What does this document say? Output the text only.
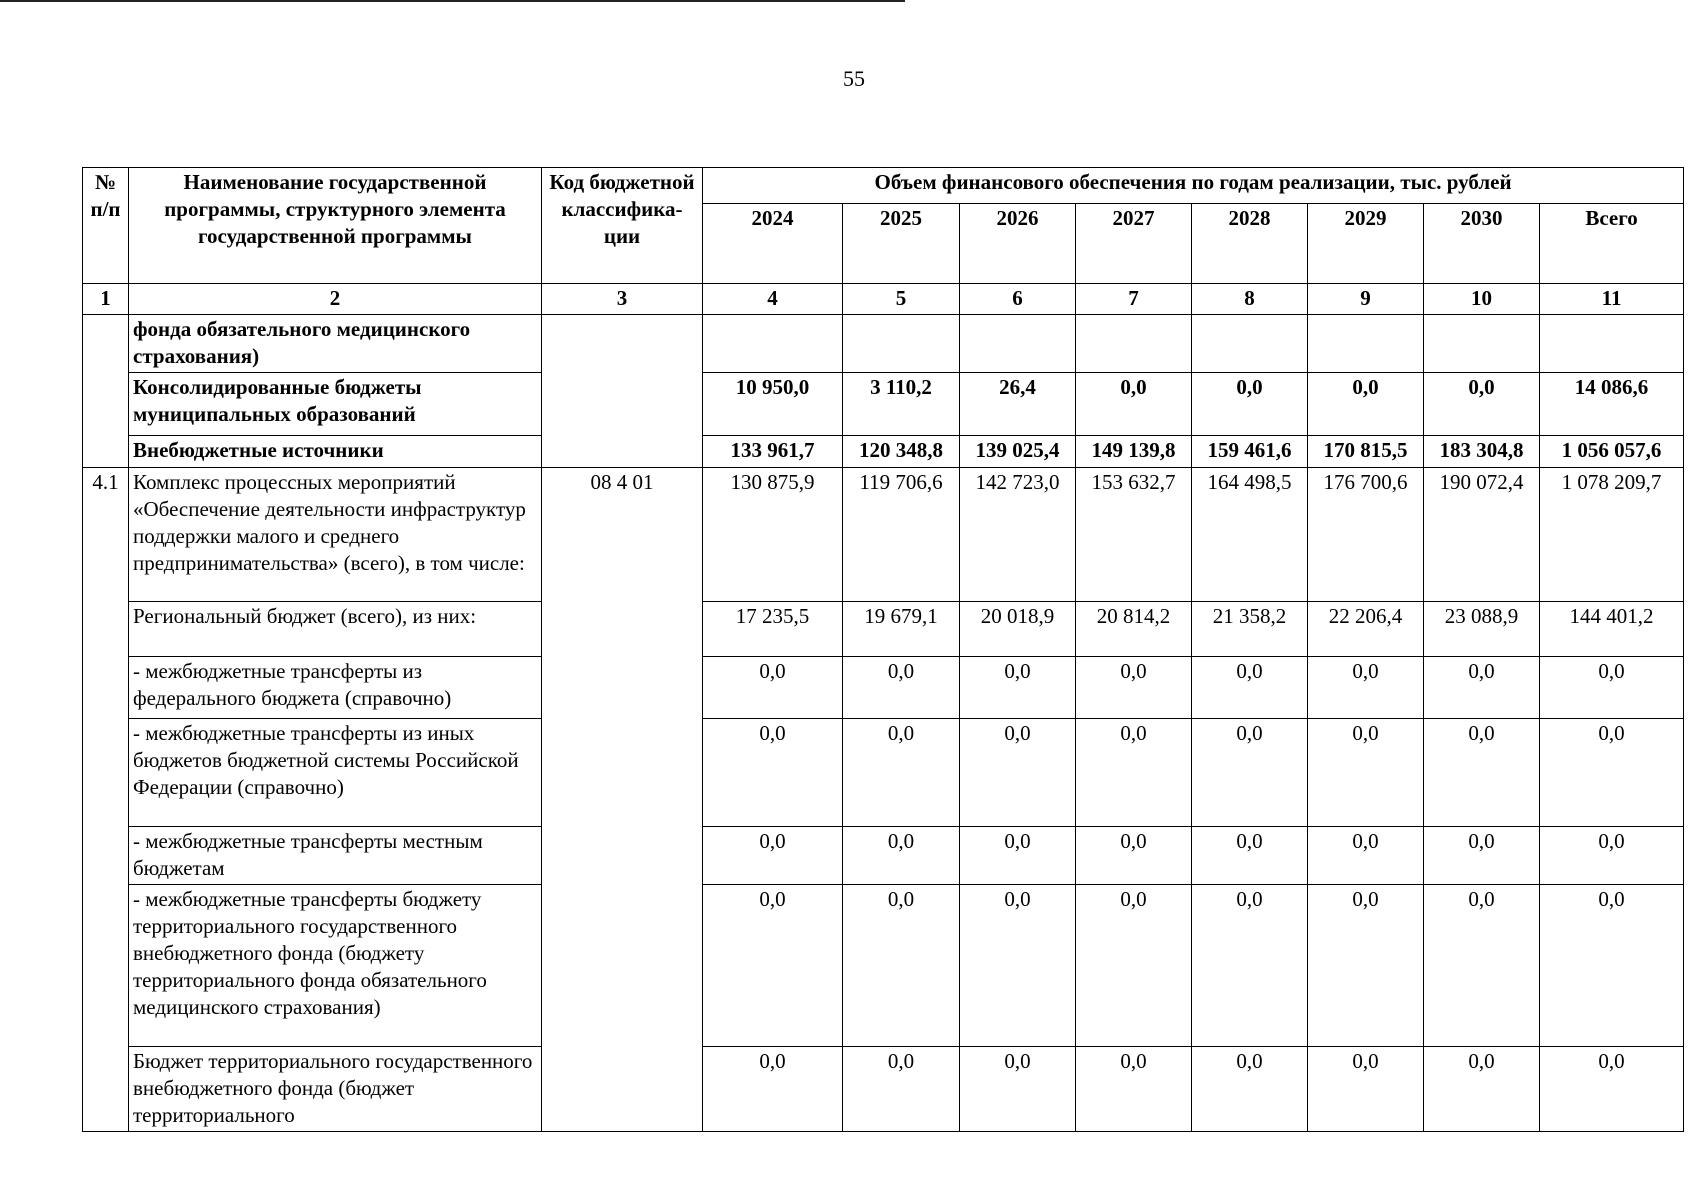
55
№ п/п	Наименование государственной программы, структурного элемента государственной программы	Код бюджетной классифика-ции	Объем финансового обеспечения по годам реализации, тыс. рублей							
			2024	2025	2026	2027	2028	2029	2030	Всего
1	2	3	4	5	6	7	8	9	10	11
	фонда обязательного медицинского страхования)									
	Консолидированные бюджеты муниципальных образований		10 950,0	3 110,2	26,4	0,0	0,0	0,0	0,0	14 086,6
	Внебюджетные источники		133 961,7	120 348,8	139 025,4	149 139,8	159 461,6	170 815,5	183 304,8	1 056 057,6
4.1	Комплекс процессных мероприятий «Обеспечение деятельности инфраструктур поддержки малого и среднего предпринимательства» (всего), в том числе:	08 4 01	130 875,9	119 706,6	142 723,0	153 632,7	164 498,5	176 700,6	190 072,4	1 078 209,7
	Региональный бюджет (всего), из них:		17 235,5	19 679,1	20 018,9	20 814,2	21 358,2	22 206,4	23 088,9	144 401,2
	- межбюджетные трансферты из федерального бюджета (справочно)		0,0	0,0	0,0	0,0	0,0	0,0	0,0	0,0
	- межбюджетные трансферты из иных бюджетов бюджетной системы Российской Федерации (справочно)		0,0	0,0	0,0	0,0	0,0	0,0	0,0	0,0
	- межбюджетные трансферты местным бюджетам		0,0	0,0	0,0	0,0	0,0	0,0	0,0	0,0
	- межбюджетные трансферты бюджету территориального государственного внебюджетного фонда (бюджету территориального фонда обязательного медицинского страхования)		0,0	0,0	0,0	0,0	0,0	0,0	0,0	0,0
	Бюджет территориального государственного внебюджетного фонда (бюджет территориального		0,0	0,0	0,0	0,0	0,0	0,0	0,0	0,0
